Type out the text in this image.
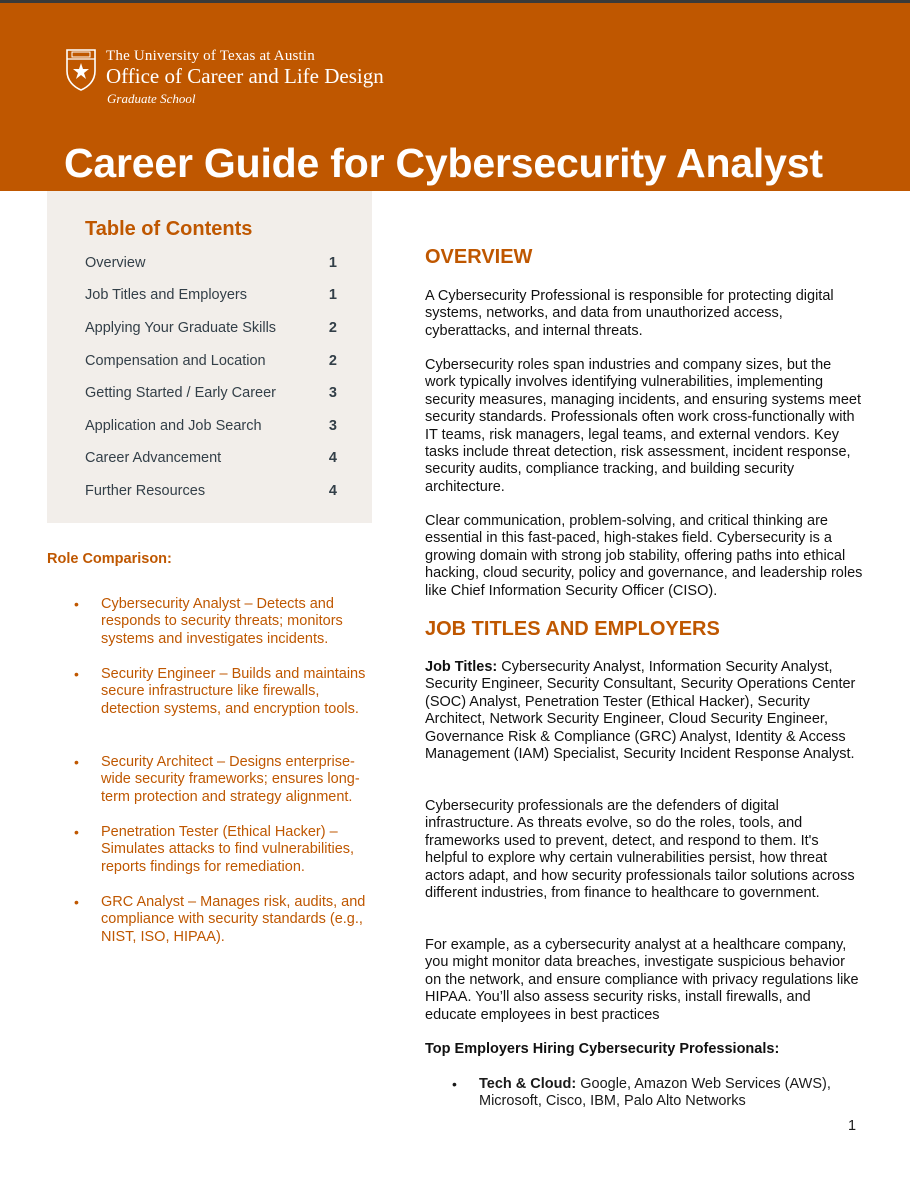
The University of Texas at Austin
Office of Career and Life Design
Graduate School
Career Guide for Cybersecurity Analyst
Table of Contents
Overview	1
Job Titles and Employers	1
Applying Your Graduate Skills	2
Compensation and Location	2
Getting Started / Early Career	3
Application and Job Search	3
Career Advancement	4
Further Resources	4
Role Comparison:
• Cybersecurity Analyst – Detects and responds to security threats; monitors systems and investigates incidents.
• Security Engineer – Builds and maintains secure infrastructure like firewalls, detection systems, and encryption tools.
• Security Architect – Designs enterprise-wide security frameworks; ensures long-term protection and strategy alignment.
• Penetration Tester (Ethical Hacker) – Simulates attacks to find vulnerabilities, reports findings for remediation.
• GRC Analyst – Manages risk, audits, and compliance with security standards (e.g., NIST, ISO, HIPAA).
OVERVIEW
A Cybersecurity Professional is responsible for protecting digital systems, networks, and data from unauthorized access, cyberattacks, and internal threats.
Cybersecurity roles span industries and company sizes, but the work typically involves identifying vulnerabilities, implementing security measures, managing incidents, and ensuring systems meet security standards. Professionals often work cross-functionally with IT teams, risk managers, legal teams, and external vendors. Key tasks include threat detection, risk assessment, incident response, security audits, compliance tracking, and building security architecture.
Clear communication, problem-solving, and critical thinking are essential in this fast-paced, high-stakes field. Cybersecurity is a growing domain with strong job stability, offering paths into ethical hacking, cloud security, policy and governance, and leadership roles like Chief Information Security Officer (CISO).
JOB TITLES AND EMPLOYERS
Job Titles: Cybersecurity Analyst, Information Security Analyst, Security Engineer, Security Consultant, Security Operations Center (SOC) Analyst, Penetration Tester (Ethical Hacker), Security Architect, Network Security Engineer, Cloud Security Engineer, Governance Risk & Compliance (GRC) Analyst, Identity & Access Management (IAM) Specialist, Security Incident Response Analyst.
Cybersecurity professionals are the defenders of digital infrastructure. As threats evolve, so do the roles, tools, and frameworks used to prevent, detect, and respond to them. It's helpful to explore why certain vulnerabilities persist, how threat actors adapt, and how security professionals tailor solutions across different industries, from finance to healthcare to government.
For example, as a cybersecurity analyst at a healthcare company, you might monitor data breaches, investigate suspicious behavior on the network, and ensure compliance with privacy regulations like HIPAA. You’ll also assess security risks, install firewalls, and educate employees in best practices
Top Employers Hiring Cybersecurity Professionals:
• Tech & Cloud: Google, Amazon Web Services (AWS), Microsoft, Cisco, IBM, Palo Alto Networks
1
